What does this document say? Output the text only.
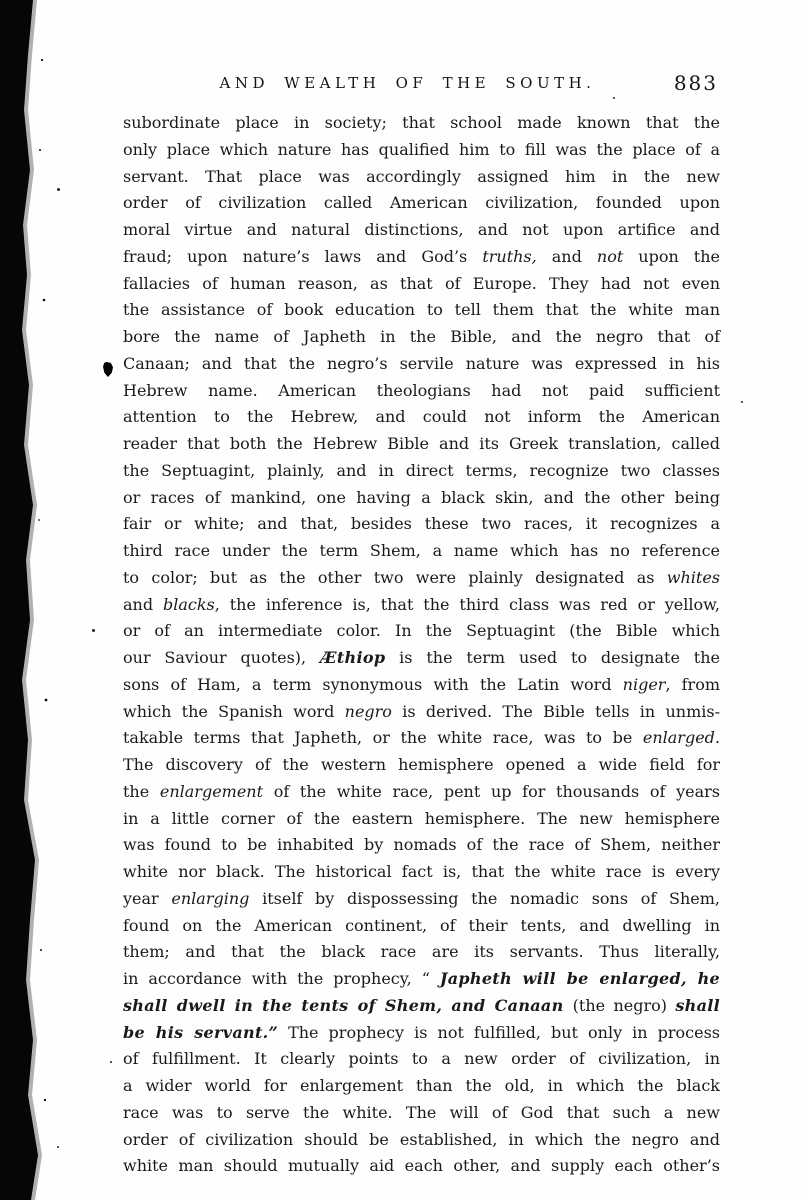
AND WEALTH OF THE SOUTH.	883
subordinate place in society; that school made known that the
only place which nature has qualified him to fill was the place of a
servant. That place was accordingly assigned him in the new
order of civilization called American civilization, founded upon
moral virtue and natural distinctions, and not upon artifice and
fraud; upon nature’s laws and God’s truths, and not upon the
fallacies of human reason, as that of Europe. They had not even
the assistance of book education to tell them that the white man
bore the name of Japheth in the Bible, and the negro that of
Canaan; and that the negro’s servile nature was expressed in his
Hebrew name. American theologians had not paid sufficient
attention to the Hebrew, and could not inform the American
reader that both the Hebrew Bible and its Greek translation, called
the Septuagint, plainly, and in direct terms, recognize two classes
or races of mankind, one having a black skin, and the other being
fair or white; and that, besides these two races, it recognizes a
third race under the term Shem, a name which has no reference
to color; but as the other two were plainly designated as whites
and blacks, the inference is, that the third class was red or yellow,
or of an intermediate color. In the Septuagint (the Bible which
our Saviour quotes), Æthiop is the term used to designate the
sons of Ham, a term synonymous with the Latin word niger, from
which the Spanish word negro is derived. The Bible tells in unmis-
takable terms that Japheth, or the white race, was to be enlarged.
The discovery of the western hemisphere opened a wide field for
the enlargement of the white race, pent up for thousands of years
in a little corner of the eastern hemisphere. The new hemisphere
was found to be inhabited by nomads of the race of Shem, neither
white nor black. The historical fact is, that the white race is every
year enlarging itself by dispossessing the nomadic sons of Shem,
found on the American continent, of their tents, and dwelling in
them; and that the black race are its servants. Thus literally,
in accordance with the prophecy, “ Japheth will be enlarged, he
shall dwell in the tents of Shem, and Canaan (the negro) shall
be his servant.” The prophecy is not fulfilled, but only in process
of fulfillment. It clearly points to a new order of civilization, in
a wider world for enlargement than the old, in which the black
race was to serve the white. The will of God that such a new
order of civilization should be established, in which the negro and
white man should mutually aid each other, and supply each other’s
